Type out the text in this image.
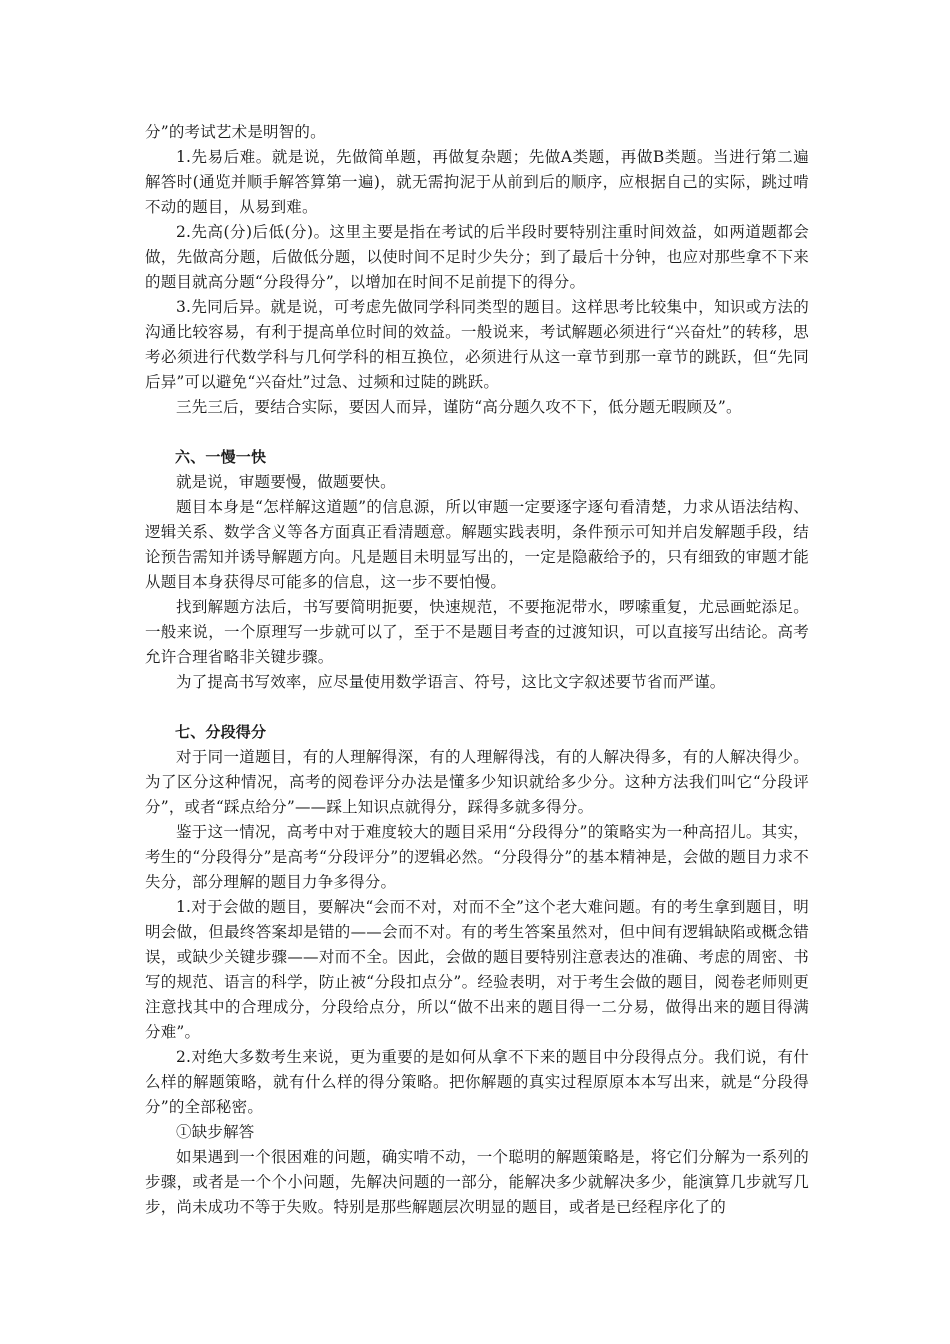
分”的考试艺术是明智的。

1.先易后难。就是说，先做简单题，再做复杂题；先做A类题，再做B类题。当进行第二遍解答时(通览并顺手解答算第一遍)，就无需拘泥于从前到后的顺序，应根据自己的实际，跳过啃不动的题目，从易到难。

2.先高(分)后低(分)。这里主要是指在考试的后半段时要特别注重时间效益，如两道题都会做，先做高分题，后做低分题，以使时间不足时少失分；到了最后十分钟，也应对那些拿不下来的题目就高分题“分段得分”，以增加在时间不足前提下的得分。

3.先同后异。就是说，可考虑先做同学科同类型的题目。这样思考比较集中，知识或方法的沟通比较容易，有利于提高单位时间的效益。一般说来，考试解题必须进行“兴奋灶”的转移，思考必须进行代数学科与几何学科的相互换位，必须进行从这一章节到那一章节的跳跃，但“先同后异”可以避免“兴奋灶”过急、过频和过陡的跳跃。

三先三后，要结合实际，要因人而异，谨防“高分题久攻不下，低分题无暇顾及”。

六、一慢一快

就是说，审题要慢，做题要快。

题目本身是“怎样解这道题”的信息源，所以审题一定要逐字逐句看清楚，力求从语法结构、逻辑关系、数学含义等各方面真正看清题意。解题实践表明，条件预示可知并启发解题手段，结论预告需知并诱导解题方向。凡是题目未明显写出的，一定是隐蔽给予的，只有细致的审题才能从题目本身获得尽可能多的信息，这一步不要怕慢。

找到解题方法后，书写要简明扼要，快速规范，不要拖泥带水，啰嗦重复，尤忌画蛇添足。一般来说，一个原理写一步就可以了，至于不是题目考查的过渡知识，可以直接写出结论。高考允许合理省略非关键步骤。

为了提高书写效率，应尽量使用数学语言、符号，这比文字叙述要节省而严谨。

七、分段得分

对于同一道题目，有的人理解得深，有的人理解得浅，有的人解决得多，有的人解决得少。为了区分这种情况，高考的阅卷评分办法是懂多少知识就给多少分。这种方法我们叫它“分段评分”，或者“踩点给分”——踩上知识点就得分，踩得多就多得分。

鉴于这一情况，高考中对于难度较大的题目采用“分段得分”的策略实为一种高招儿。其实，考生的“分段得分”是高考“分段评分”的逻辑必然。“分段得分”的基本精神是，会做的题目力求不失分，部分理解的题目力争多得分。

1.对于会做的题目，要解决“会而不对，对而不全”这个老大难问题。有的考生拿到题目，明明会做，但最终答案却是错的——会而不对。有的考生答案虽然对，但中间有逻辑缺陷或概念错误，或缺少关键步骤——对而不全。因此，会做的题目要特别注意表达的准确、考虑的周密、书写的规范、语言的科学，防止被“分段扣点分”。经验表明，对于考生会做的题目，阅卷老师则更注意找其中的合理成分，分段给点分，所以“做不出来的题目得一二分易，做得出来的题目得满分难”。

2.对绝大多数考生来说，更为重要的是如何从拿不下来的题目中分段得点分。我们说，有什么样的解题策略，就有什么样的得分策略。把你解题的真实过程原原本本写出来，就是“分段得分”的全部秘密。

①缺步解答

如果遇到一个很困难的问题，确实啃不动，一个聪明的解题策略是，将它们分解为一系列的步骤，或者是一个个小问题，先解决问题的一部分，能解决多少就解决多少，能演算几步就写几步，尚未成功不等于失败。特别是那些解题层次明显的题目，或者是已经程序化了的
